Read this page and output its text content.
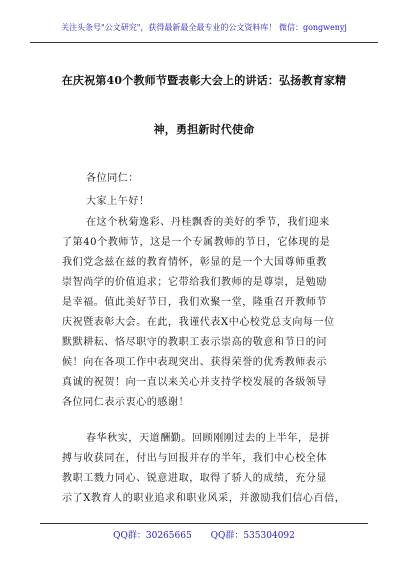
关注头条号"公文研究"，获得最新最全最专业的公文资料库！ 微信：gongwenyj
在庆祝第40个教师节暨表彰大会上的讲话：弘扬教育家精
神，勇担新时代使命
各位同仁：
大家上午好！

在这个秋菊逸彩、丹桂飘香的美好的季节，我们迎来

了第40个教师节，这是一个专属教师的节日，它体现的是

我们党念兹在兹的教育情怀，彰显的是一个大国尊师重教

崇智尚学的价值追求；它带给我们教师的是尊崇，是勉励

是幸福。值此美好节日，我们欢聚一堂，隆重召开教师节

庆祝暨表彰大会。在此，我谨代表X中心校党总支向每一位

默默耕耘、恪尽职守的教职工表示崇高的敬意和节日的问

候！向在各项工作中表现突出、获得荣誉的优秀教师表示

真诚的祝贺！向一直以来关心并支持学校发展的各级领导

各位同仁表示衷心的感谢！

春华秋实，天道酬勤。回顾刚刚过去的上半年，是拼

搏与收获同在，付出与回报并存的半年，我们中心校全体

教职工戮力同心、锐意进取，取得了骄人的成绩，充分显

示了X教育人的职业追求和职业风采，并激励我们信心百倍，

QQ群：30265665 QQ群：535304092
